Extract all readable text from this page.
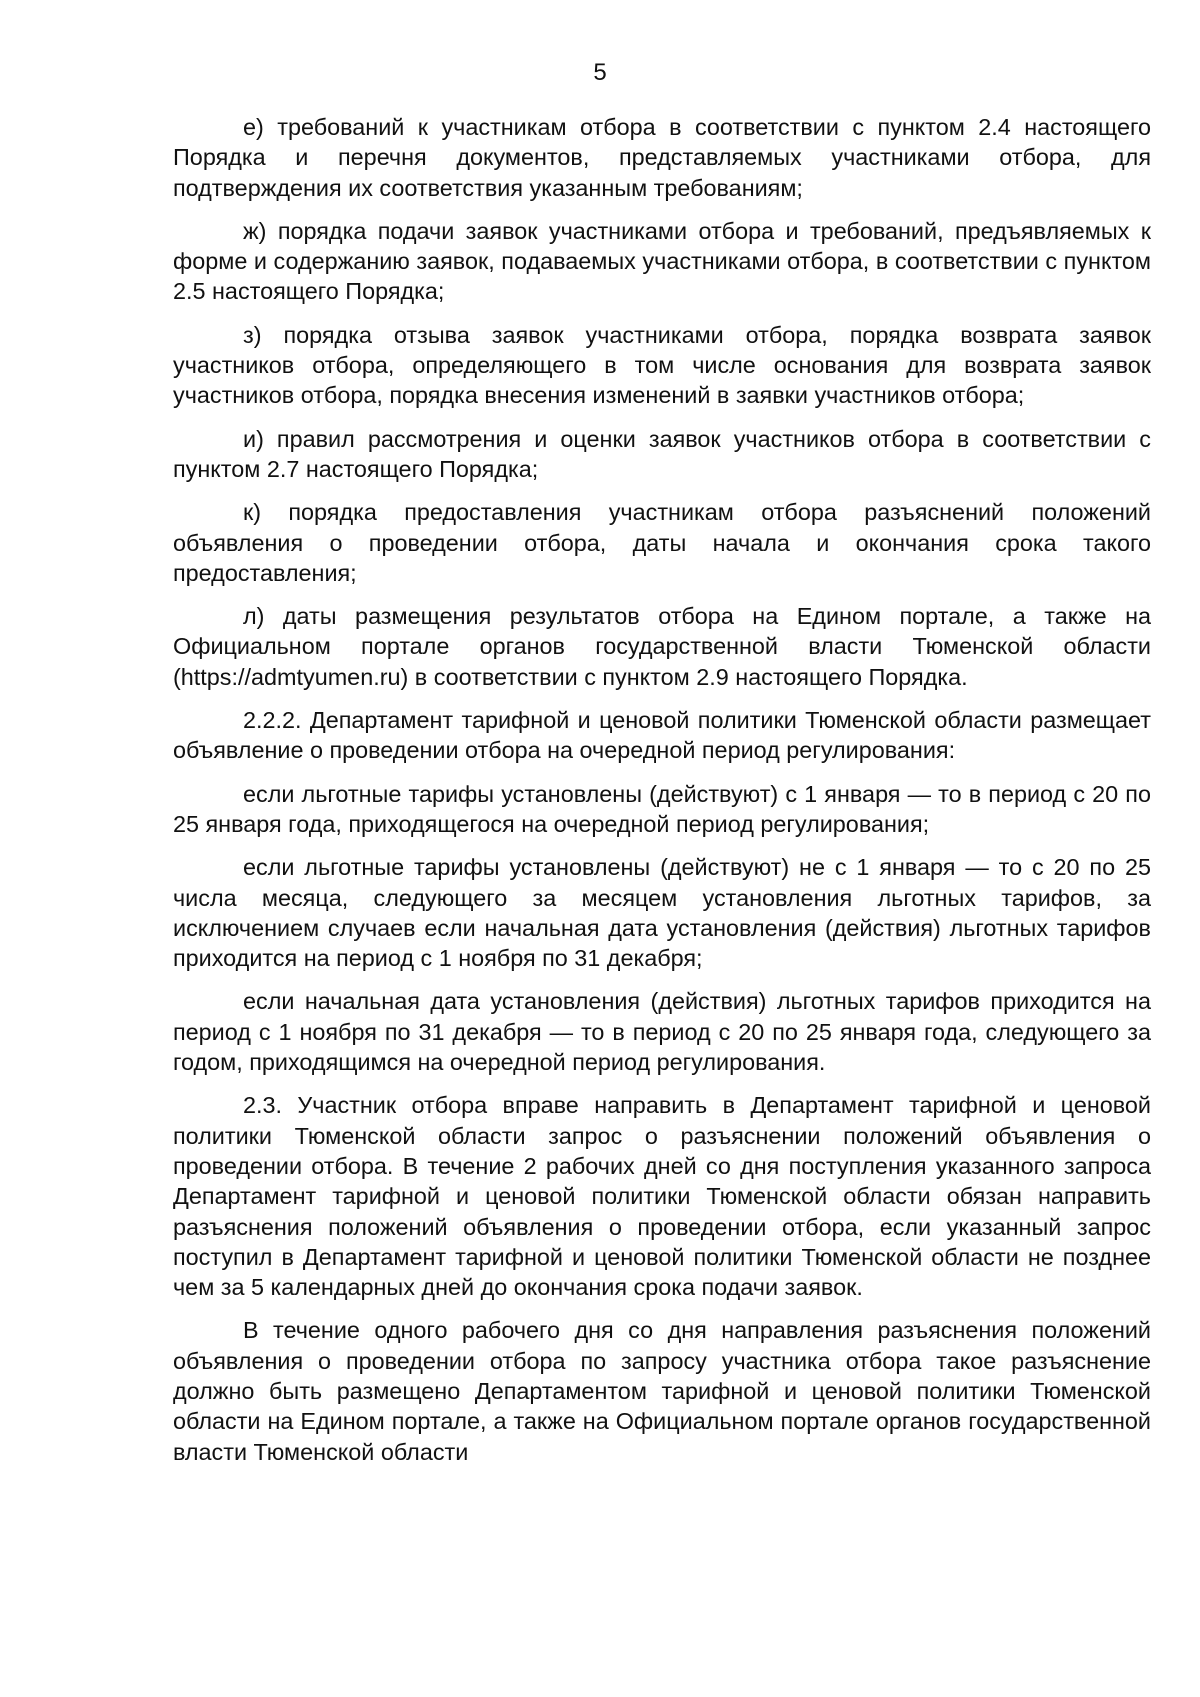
5

е) требований к участникам отбора в соответствии с пунктом 2.4 настоящего Порядка и перечня документов, представляемых участниками отбора, для подтверждения их соответствия указанным требованиям;

ж) порядка подачи заявок участниками отбора и требований, предъявляемых к форме и содержанию заявок, подаваемых участниками отбора, в соответствии с пунктом 2.5 настоящего Порядка;

з) порядка отзыва заявок участниками отбора, порядка возврата заявок участников отбора, определяющего в том числе основания для возврата заявок участников отбора, порядка внесения изменений в заявки участников отбора;

и) правил рассмотрения и оценки заявок участников отбора в соответствии с пунктом 2.7 настоящего Порядка;

к) порядка предоставления участникам отбора разъяснений положений объявления о проведении отбора, даты начала и окончания срока такого предоставления;

л) даты размещения результатов отбора на Едином портале, а также на Официальном портале органов государственной власти Тюменской области (https://admtyumen.ru) в соответствии с пунктом 2.9 настоящего Порядка.

2.2.2. Департамент тарифной и ценовой политики Тюменской области размещает объявление о проведении отбора на очередной период регулирования:

если льготные тарифы установлены (действуют) с 1 января — то в период с 20 по 25 января года, приходящегося на очередной период регулирования;

если льготные тарифы установлены (действуют) не с 1 января — то с 20 по 25 числа месяца, следующего за месяцем установления льготных тарифов, за исключением случаев если начальная дата установления (действия) льготных тарифов приходится на период с 1 ноября по 31 декабря;

если начальная дата установления (действия) льготных тарифов приходится на период с 1 ноября по 31 декабря — то в период с 20 по 25 января года, следующего за годом, приходящимся на очередной период регулирования.

2.3. Участник отбора вправе направить в Департамент тарифной и ценовой политики Тюменской области запрос о разъяснении положений объявления о проведении отбора. В течение 2 рабочих дней со дня поступления указанного запроса Департамент тарифной и ценовой политики Тюменской области обязан направить разъяснения положений объявления о проведении отбора, если указанный запрос поступил в Департамент тарифной и ценовой политики Тюменской области не позднее чем за 5 календарных дней до окончания срока подачи заявок.

В течение одного рабочего дня со дня направления разъяснения положений объявления о проведении отбора по запросу участника отбора такое разъяснение должно быть размещено Департаментом тарифной и ценовой политики Тюменской области на Едином портале, а также на Официальном портале органов государственной власти Тюменской области
